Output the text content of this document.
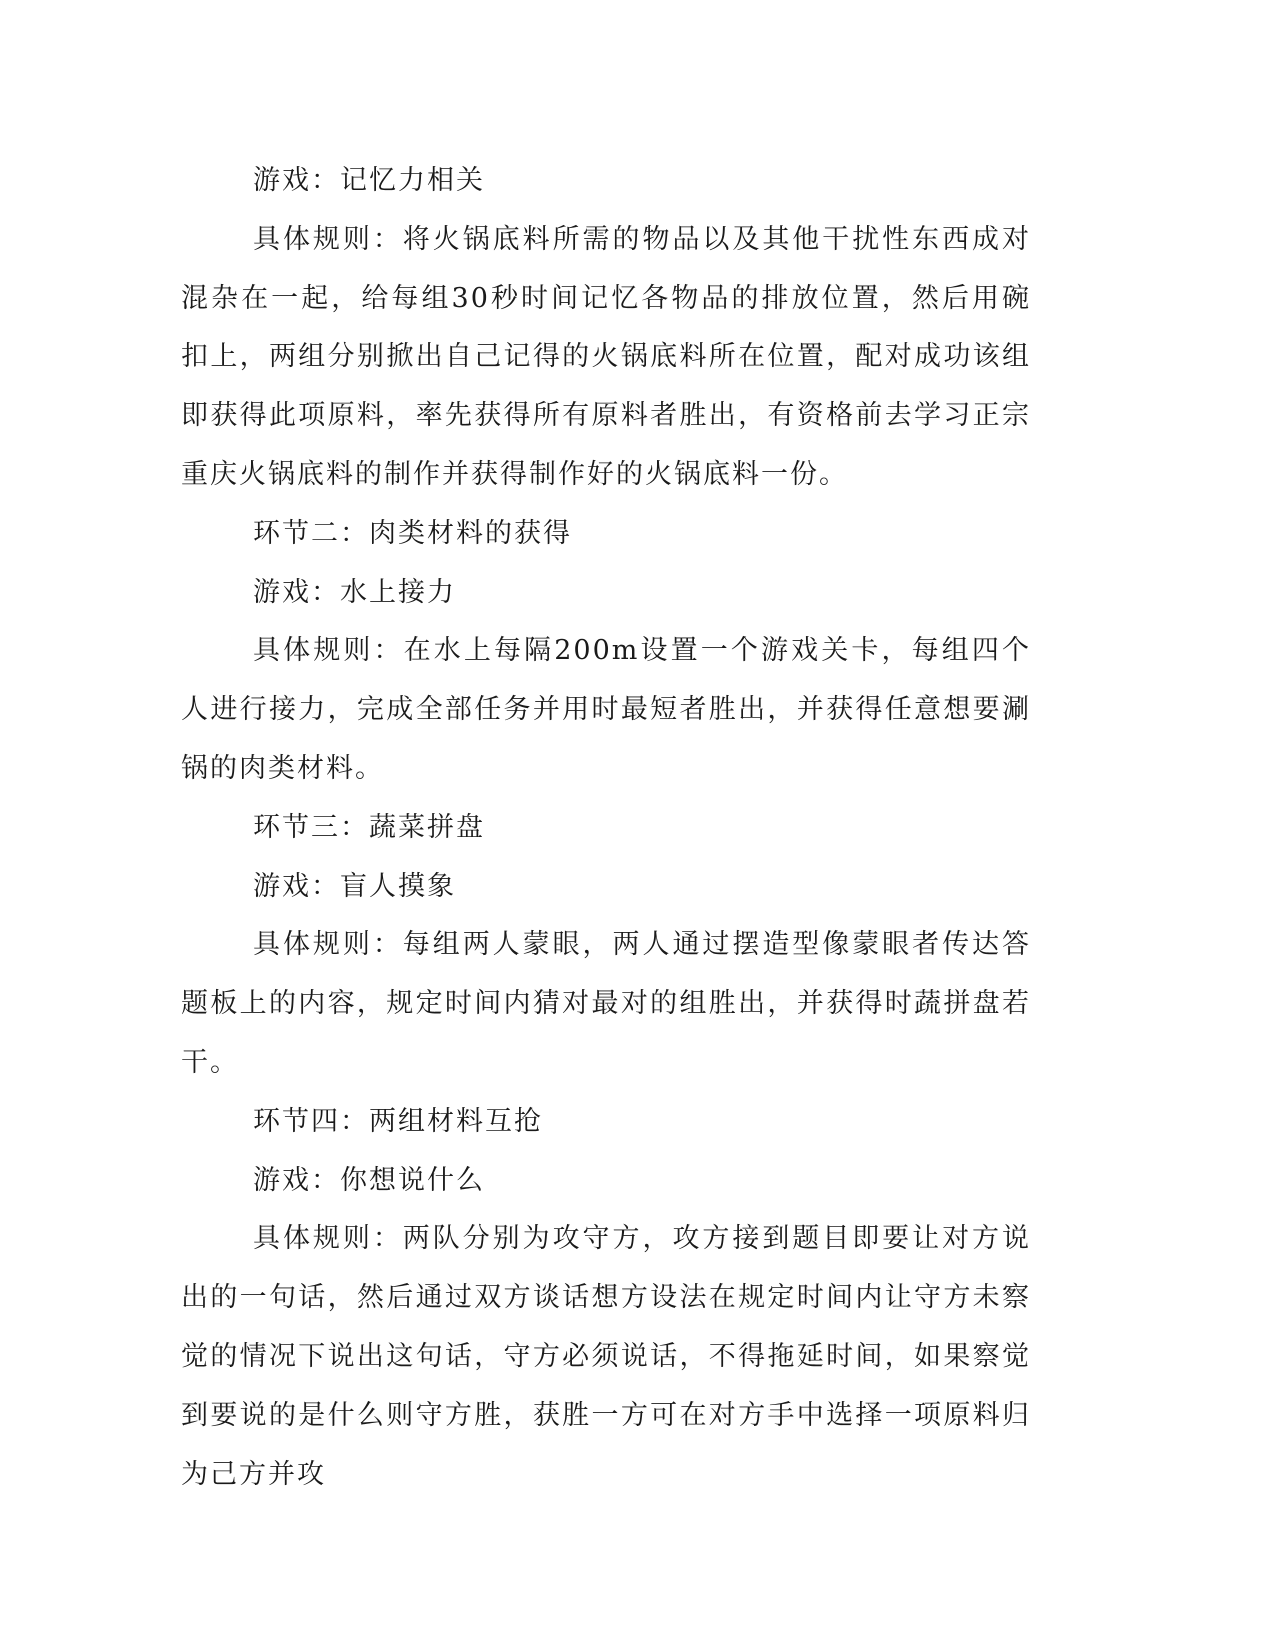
游戏：记忆力相关

具体规则：将火锅底料所需的物品以及其他干扰性东西成对混杂在一起，给每组30秒时间记忆各物品的排放位置，然后用碗扣上，两组分别掀出自己记得的火锅底料所在位置，配对成功该组即获得此项原料，率先获得所有原料者胜出，有资格前去学习正宗重庆火锅底料的制作并获得制作好的火锅底料一份。

环节二：肉类材料的获得

游戏：水上接力

具体规则：在水上每隔200m设置一个游戏关卡，每组四个人进行接力，完成全部任务并用时最短者胜出，并获得任意想要涮锅的肉类材料。

环节三：蔬菜拼盘

游戏：盲人摸象

具体规则：每组两人蒙眼，两人通过摆造型像蒙眼者传达答题板上的内容，规定时间内猜对最对的组胜出，并获得时蔬拼盘若干。

环节四：两组材料互抢

游戏：你想说什么

具体规则：两队分别为攻守方，攻方接到题目即要让对方说出的一句话，然后通过双方谈话想方设法在规定时间内让守方未察觉的情况下说出这句话，守方必须说话，不得拖延时间，如果察觉到要说的是什么则守方胜，获胜一方可在对方手中选择一项原料归为己方并攻
